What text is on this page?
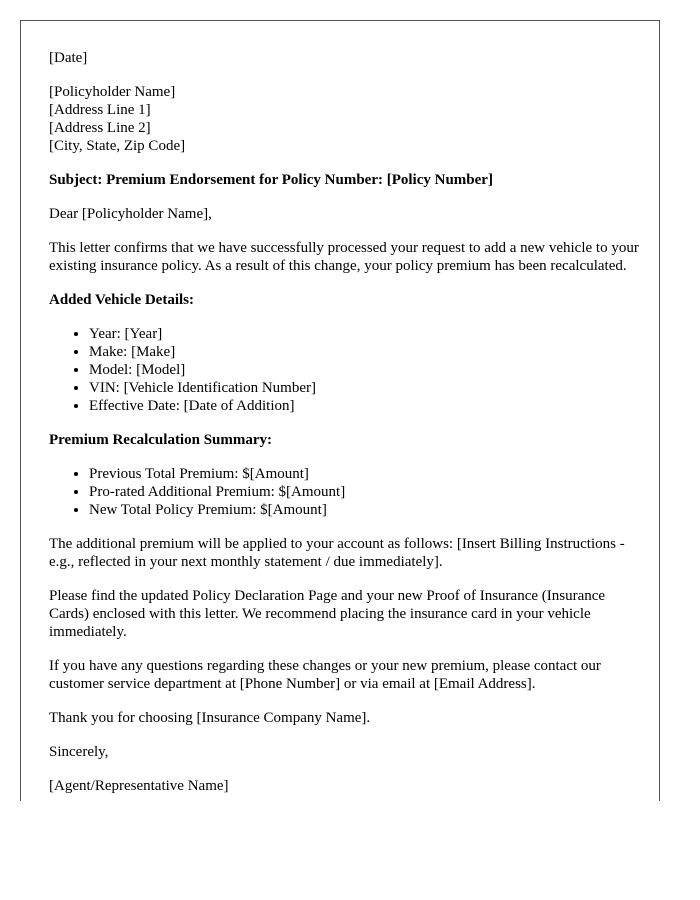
[Date]

[Policyholder Name]
[Address Line 1]
[Address Line 2]
[City, State, Zip Code]

Subject: Premium Endorsement for Policy Number: [Policy Number]

Dear [Policyholder Name],

This letter confirms that we have successfully processed your request to add a new vehicle to your existing insurance policy. As a result of this change, your policy premium has been recalculated.

Added Vehicle Details:

• Year: [Year]
• Make: [Make]
• Model: [Model]
• VIN: [Vehicle Identification Number]
• Effective Date: [Date of Addition]

Premium Recalculation Summary:

• Previous Total Premium: $[Amount]
• Pro-rated Additional Premium: $[Amount]
• New Total Policy Premium: $[Amount]

The additional premium will be applied to your account as follows: [Insert Billing Instructions - e.g., reflected in your next monthly statement / due immediately].

Please find the updated Policy Declaration Page and your new Proof of Insurance (Insurance Cards) enclosed with this letter. We recommend placing the insurance card in your vehicle immediately.

If you have any questions regarding these changes or your new premium, please contact our customer service department at [Phone Number] or via email at [Email Address].

Thank you for choosing [Insurance Company Name].

Sincerely,

[Agent/Representative Name]
